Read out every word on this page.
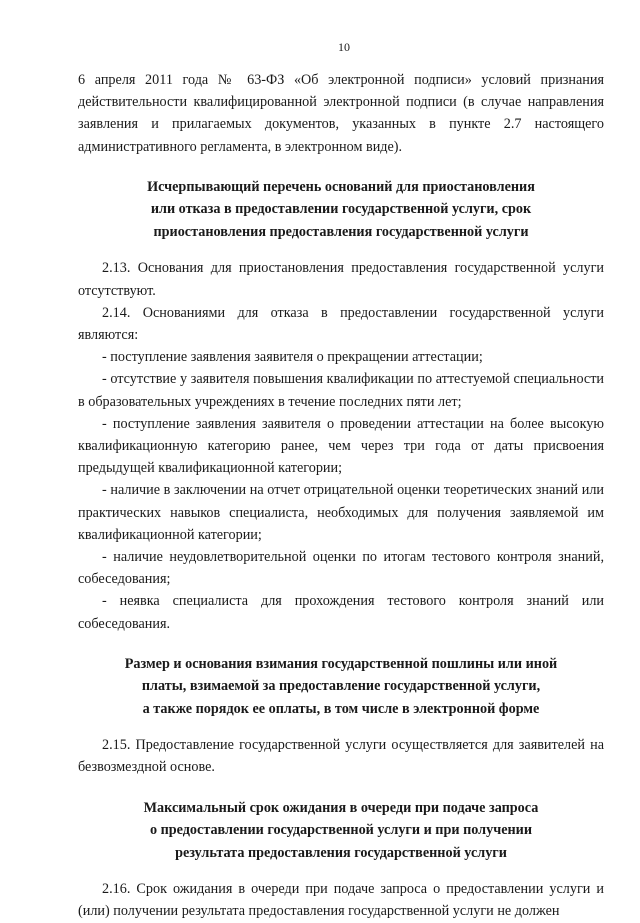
10

6 апреля 2011 года № 63-ФЗ «Об электронной подписи» условий признания действительности квалифицированной электронной подписи (в случае направления заявления и прилагаемых документов, указанных в пункте 2.7 настоящего административного регламента, в электронном виде).

Исчерпывающий перечень оснований для приостановления
или отказа в предоставлении государственной услуги, срок
приостановления предоставления государственной услуги

2.13. Основания для приостановления предоставления государственной услуги отсутствуют.

2.14. Основаниями для отказа в предоставлении государственной услуги являются:

- поступление заявления заявителя о прекращении аттестации;

- отсутствие у заявителя повышения квалификации по аттестуемой специальности в образовательных учреждениях в течение последних пяти лет;

- поступление заявления заявителя о проведении аттестации на более высокую квалификационную категорию ранее, чем через три года от даты присвоения предыдущей квалификационной категории;

- наличие в заключении на отчет отрицательной оценки теоретических знаний или практических навыков специалиста, необходимых для получения заявляемой им квалификационной категории;

- наличие неудовлетворительной оценки по итогам тестового контроля знаний, собеседования;

- неявка специалиста для прохождения тестового контроля знаний или собеседования.

Размер и основания взимания государственной пошлины или иной
платы, взимаемой за предоставление государственной услуги,
а также порядок ее оплаты, в том числе в электронной форме

2.15. Предоставление государственной услуги осуществляется для заявителей на безвозмездной основе.

Максимальный срок ожидания в очереди при подаче запроса
о предоставлении государственной услуги и при получении
результата предоставления государственной услуги

2.16. Срок ожидания в очереди при подаче запроса о предоставлении услуги и (или) получении результата предоставления государственной услуги не должен
